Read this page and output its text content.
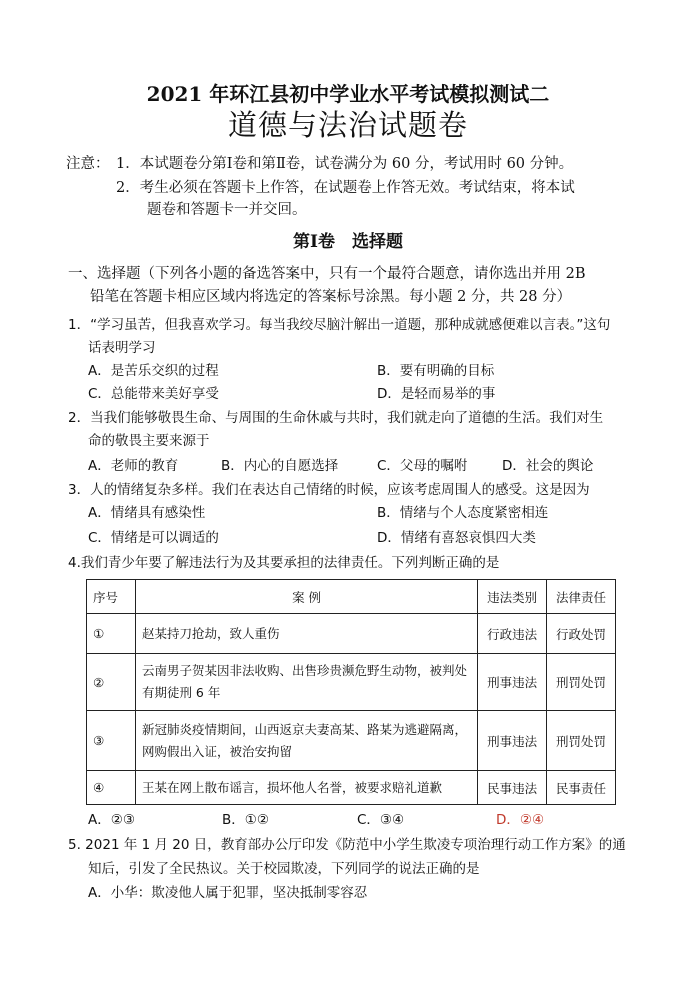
2021 年环江县初中学业水平考试模拟测试二
道德与法治试题卷
注意： 1．本试题卷分第Ⅰ卷和第Ⅱ卷，试卷满分为 60 分，考试用时 60 分钟。
2．考生必须在答题卡上作答，在试题卷上作答无效。考试结束，将本试
题卷和答题卡一并交回。
第Ⅰ卷　选择题
一、选择题（下列各小题的备选答案中，只有一个最符合题意，请你选出并用 2B
铅笔在答题卡相应区域内将选定的答案标号涂黑。每小题 2 分，共 28 分）
1．“学习虽苦，但我喜欢学习。每当我绞尽脑汁解出一道题，那种成就感便难以言表。”这句
话表明学习
A．是苦乐交织的过程	B．要有明确的目标
C．总能带来美好享受	D．是轻而易举的事
2．当我们能够敬畏生命、与周围的生命休戚与共时，我们就走向了道德的生活。我们对生
命的敬畏主要来源于
A．老师的教育	B．内心的自愿选择	C．父母的嘱咐	D．社会的舆论
3．人的情绪复杂多样。我们在表达自己情绪的时候，应该考虑周围人的感受。这是因为
A．情绪具有感染性	B．情绪与个人态度紧密相连
C．情绪是可以调适的	D．情绪有喜怒哀惧四大类
4.我们青少年要了解违法行为及其要承担的法律责任。下列判断正确的是
序号	案 例	违法类别	法律责任
①	赵某持刀抢劫，致人重伤	行政违法	行政处罚
②	云南男子贺某因非法收购、出售珍贵濒危野生动物，被判处有期徒刑 6 年	刑事违法	刑罚处罚
③	新冠肺炎疫情期间，山西返京夫妻高某、路某为逃避隔离，网购假出入证，被治安拘留	刑事违法	刑罚处罚
④	王某在网上散布谣言，损坏他人名誉，被要求赔礼道歉	民事违法	民事责任
A．②③	B．①②	C．③④	D．②④
5. 2021 年 1 月 20 日，教育部办公厅印发《防范中小学生欺凌专项治理行动工作方案》的通
知后，引发了全民热议。关于校园欺凌，下列同学的说法正确的是
A．小华：欺凌他人属于犯罪，坚决抵制零容忍
